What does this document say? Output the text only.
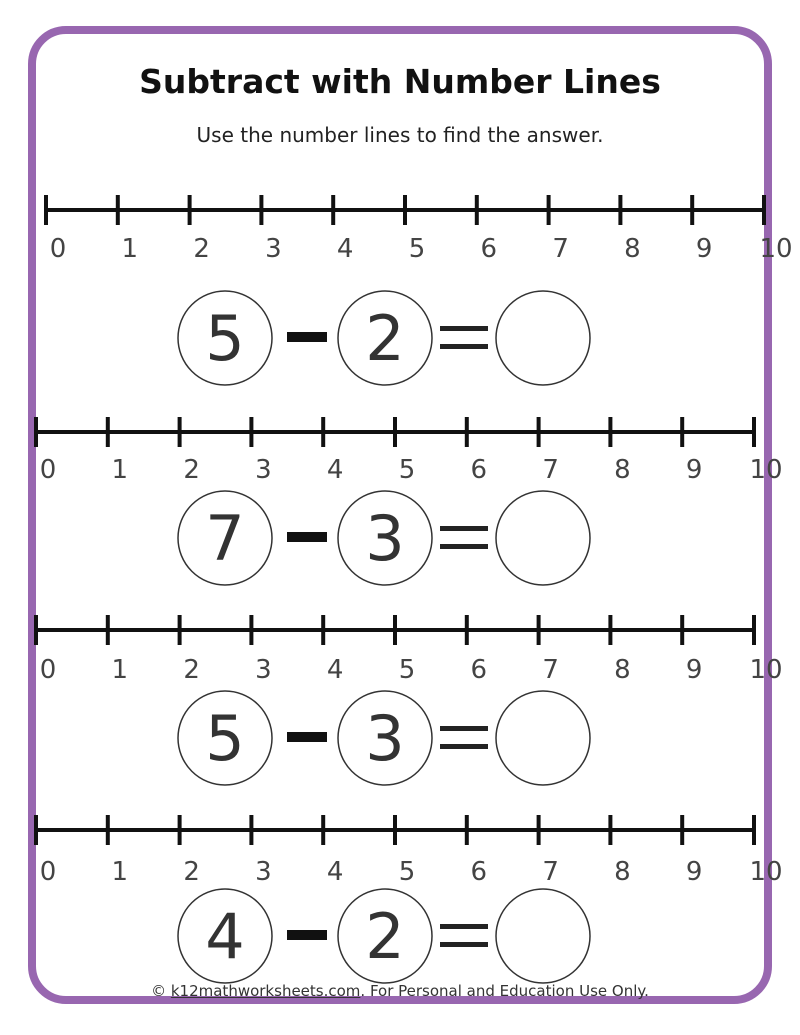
Subtract with Number Lines
Use the number lines to find the answer.
0 1 2 3 4 5 6 7 8 9 10
5 2
0 1 2 3 4 5 6 7 8 9 10
7 3
0 1 2 3 4 5 6 7 8 9 10
5 3
0 1 2 3 4 5 6 7 8 9 10
4 2
© k12mathworksheets.com. For Personal and Education Use Only.
